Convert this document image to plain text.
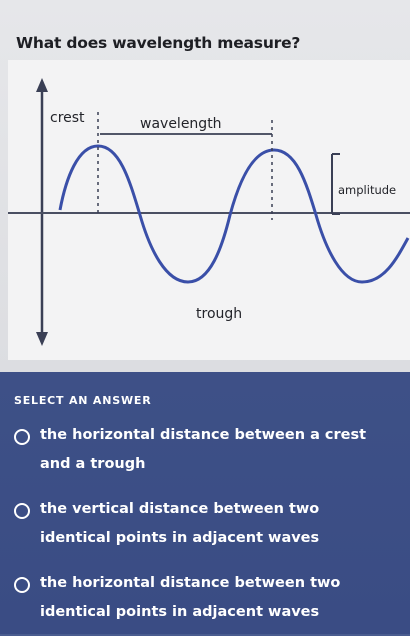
What does wavelength measure?
crest	wavelength
amplitude
trough
SELECT AN ANSWER
the horizontal distance between a crest and a trough
the vertical distance between two identical points in adjacent waves
the horizontal distance between two identical points in adjacent waves
